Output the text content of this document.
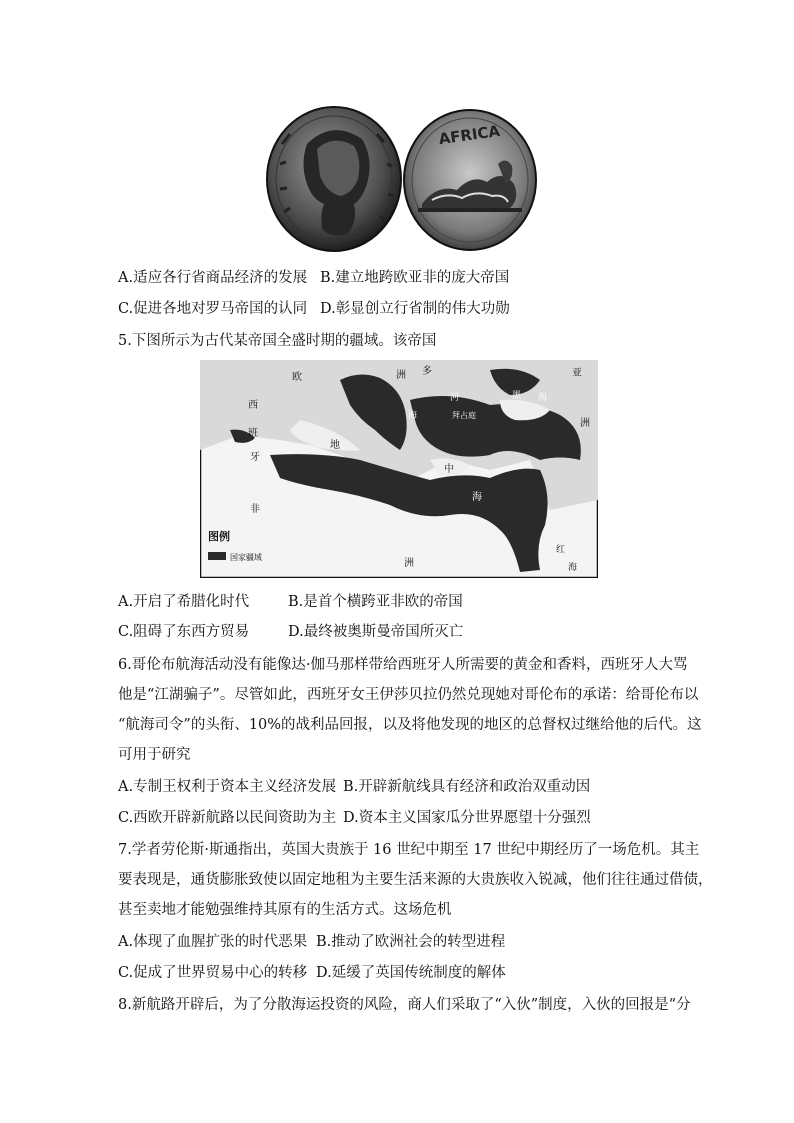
AFRICA
A.适应各行省商品经济的发展 B.建立地跨欧亚非的庞大帝国
C.促进各地对罗马帝国的认同 D.彰显创立行省制的伟大功勋
5.下图所示为古代某帝国全盛时期的疆域。该帝国
欧	洲 多
河	黑 海
亚
洲
拜占庭
西
班
牙
海
地
中
海
非
洲
红
海
图例
国家疆域
A.开启了希腊化时代	B.是首个横跨亚非欧的帝国
C.阻碍了东西方贸易	D.最终被奥斯曼帝国所灭亡
6.哥伦布航海活动没有能像达·伽马那样带给西班牙人所需要的黄金和香料，西班牙人大骂
他是“江湖骗子”。尽管如此，西班牙女王伊莎贝拉仍然兑现她对哥伦布的承诺：给哥伦布以
“航海司令”的头衔、10%的战利品回报，以及将他发现的地区的总督权过继给他的后代。这
可用于研究
A.专制王权利于资本主义经济发展 B.开辟新航线具有经济和政治双重动因
C.西欧开辟新航路以民间资助为主 D.资本主义国家瓜分世界愿望十分强烈
7.学者劳伦斯·斯通指出，英国大贵族于 16 世纪中期至 17 世纪中期经历了一场危机。其主
要表现是，通货膨胀致使以固定地租为主要生活来源的大贵族收入锐减，他们往往通过借债，
甚至卖地才能勉强维持其原有的生活方式。这场危机
A.体现了血腥扩张的时代恶果 B.推动了欧洲社会的转型进程
C.促成了世界贸易中心的转移 D.延缓了英国传统制度的解体
8.新航路开辟后，为了分散海运投资的风险，商人们采取了“入伙”制度，入伙的回报是“分
